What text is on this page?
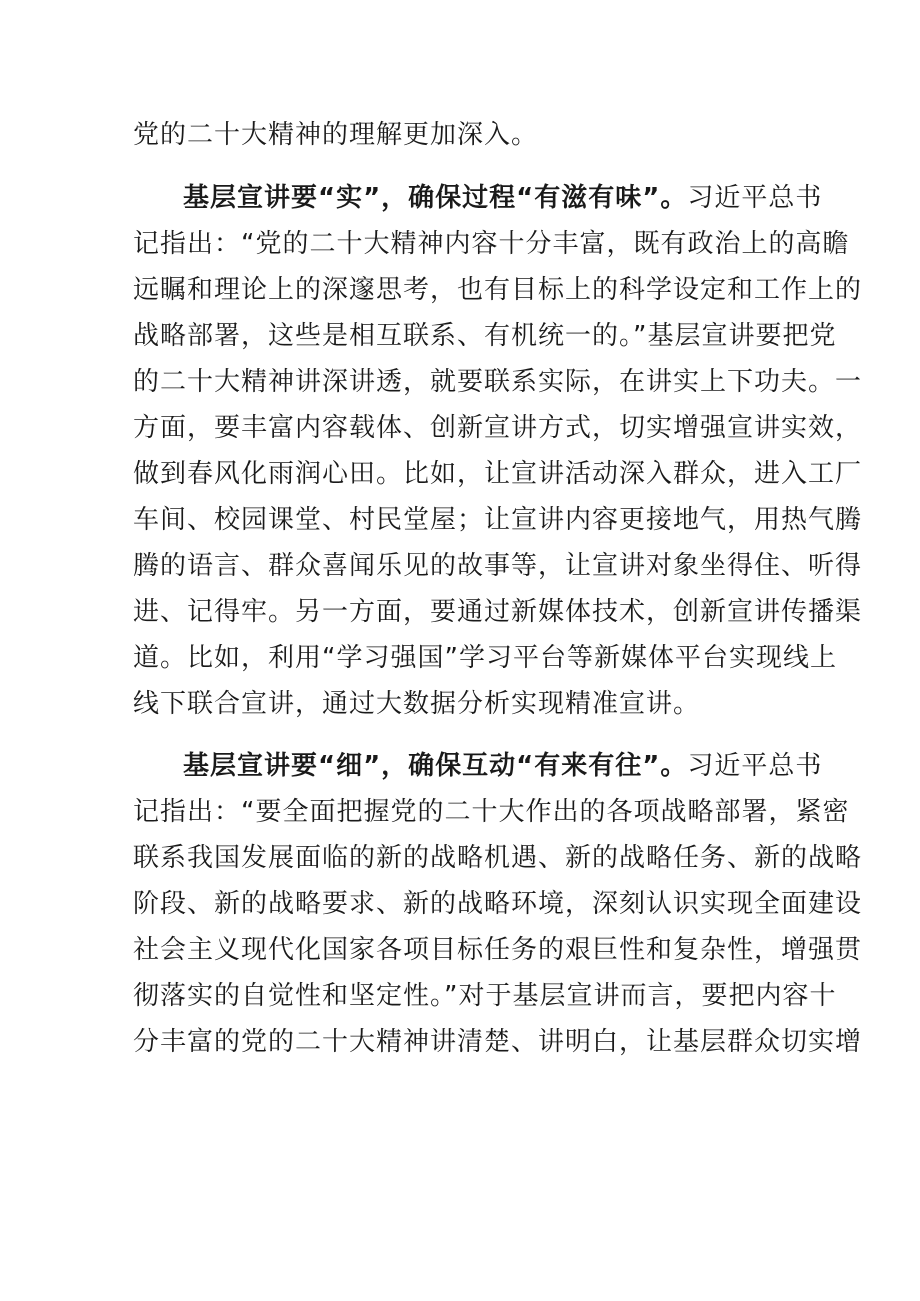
党的二十大精神的理解更加深入。
基层宣讲要“实”，确保过程“有滋有味”。习近平总书
记指出：“党的二十大精神内容十分丰富，既有政治上的高瞻
远瞩和理论上的深邃思考，也有目标上的科学设定和工作上的
战略部署，这些是相互联系、有机统一的。”基层宣讲要把党
的二十大精神讲深讲透，就要联系实际，在讲实上下功夫。一
方面，要丰富内容载体、创新宣讲方式，切实增强宣讲实效，
做到春风化雨润心田。比如，让宣讲活动深入群众，进入工厂
车间、校园课堂、村民堂屋；让宣讲内容更接地气，用热气腾
腾的语言、群众喜闻乐见的故事等，让宣讲对象坐得住、听得
进、记得牢。另一方面，要通过新媒体技术，创新宣讲传播渠
道。比如，利用“学习强国”学习平台等新媒体平台实现线上
线下联合宣讲，通过大数据分析实现精准宣讲。
基层宣讲要“细”，确保互动“有来有往”。习近平总书
记指出：“要全面把握党的二十大作出的各项战略部署，紧密
联系我国发展面临的新的战略机遇、新的战略任务、新的战略
阶段、新的战略要求、新的战略环境，深刻认识实现全面建设
社会主义现代化国家各项目标任务的艰巨性和复杂性，增强贯
彻落实的自觉性和坚定性。”对于基层宣讲而言，要把内容十
分丰富的党的二十大精神讲清楚、讲明白，让基层群众切实增
